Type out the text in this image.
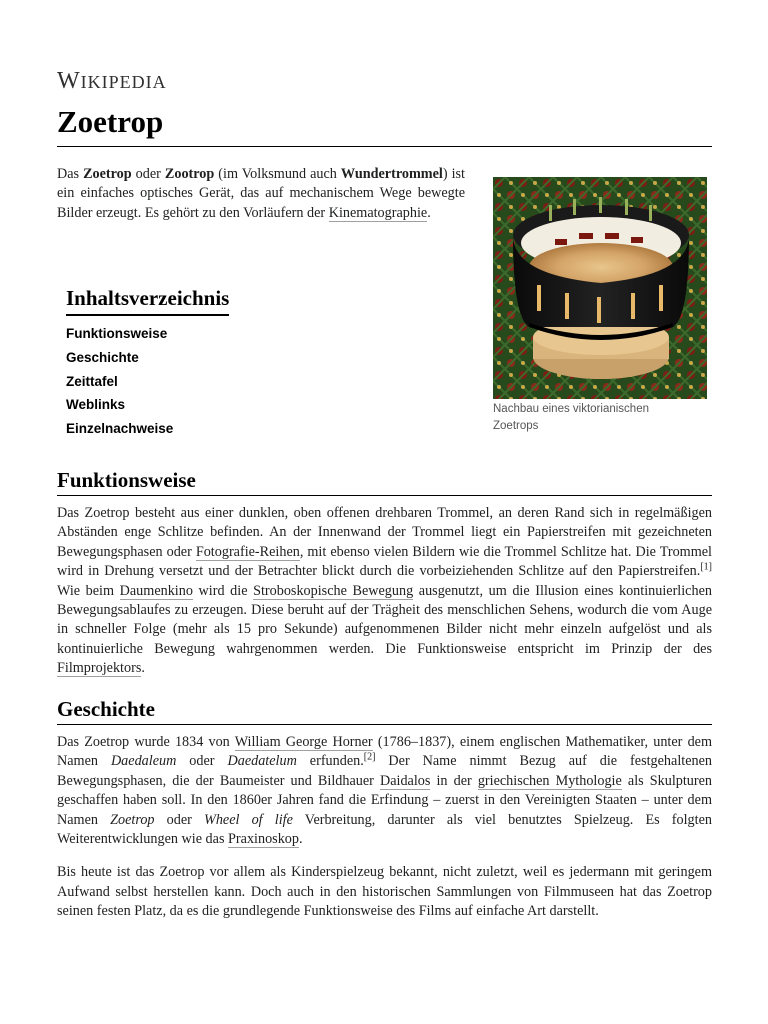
WIKIPEDIA
Zoetrop

Das Zoetrop oder Zootrop (im Volksmund auch Wundertrommel) ist ein einfaches optisches Gerät, das auf mechanischem Wege bewegte Bilder erzeugt. Es gehört zu den Vorläufern der Kinematographie.

Nachbau eines viktorianischen Zoetrops
Inhaltsverzeichnis
Funktionsweise
Geschichte
Zeittafel
Weblinks
Einzelnachweise
Funktionsweise

Das Zoetrop besteht aus einer dunklen, oben offenen drehbaren Trommel, an deren Rand sich in regelmäßigen Abständen enge Schlitze befinden. An der Innenwand der Trommel liegt ein Papierstreifen mit gezeichneten Bewegungsphasen oder Fotografie-Reihen, mit ebenso vielen Bildern wie die Trommel Schlitze hat. Die Trommel wird in Drehung versetzt und der Betrachter blickt durch die vorbeiziehenden Schlitze auf den Papierstreifen.[1] Wie beim Daumenkino wird die Stroboskopische Bewegung ausgenutzt, um die Illusion eines kontinuierlichen Bewegungsablaufes zu erzeugen. Diese beruht auf der Trägheit des menschlichen Sehens, wodurch die vom Auge in schneller Folge (mehr als 15 pro Sekunde) aufgenommenen Bilder nicht mehr einzeln aufgelöst und als kontinuierliche Bewegung wahrgenommen werden. Die Funktionsweise entspricht im Prinzip der des Filmprojektors.

Geschichte

Das Zoetrop wurde 1834 von William George Horner (1786–1837), einem englischen Mathematiker, unter dem Namen Daedaleum oder Daedatelum erfunden.[2] Der Name nimmt Bezug auf die festgehaltenen Bewegungsphasen, die der Baumeister und Bildhauer Daidalos in der griechischen Mythologie als Skulpturen geschaffen haben soll. In den 1860er Jahren fand die Erfindung – zuerst in den Vereinigten Staaten – unter dem Namen Zoetrop oder Wheel of life Verbreitung, darunter als viel benutztes Spielzeug. Es folgten Weiterentwicklungen wie das Praxinoskop.

Bis heute ist das Zoetrop vor allem als Kinderspielzeug bekannt, nicht zuletzt, weil es jedermann mit geringem Aufwand selbst herstellen kann. Doch auch in den historischen Sammlungen von Filmmuseen hat das Zoetrop seinen festen Platz, da es die grundlegende Funktionsweise des Films auf einfache Art darstellt.
